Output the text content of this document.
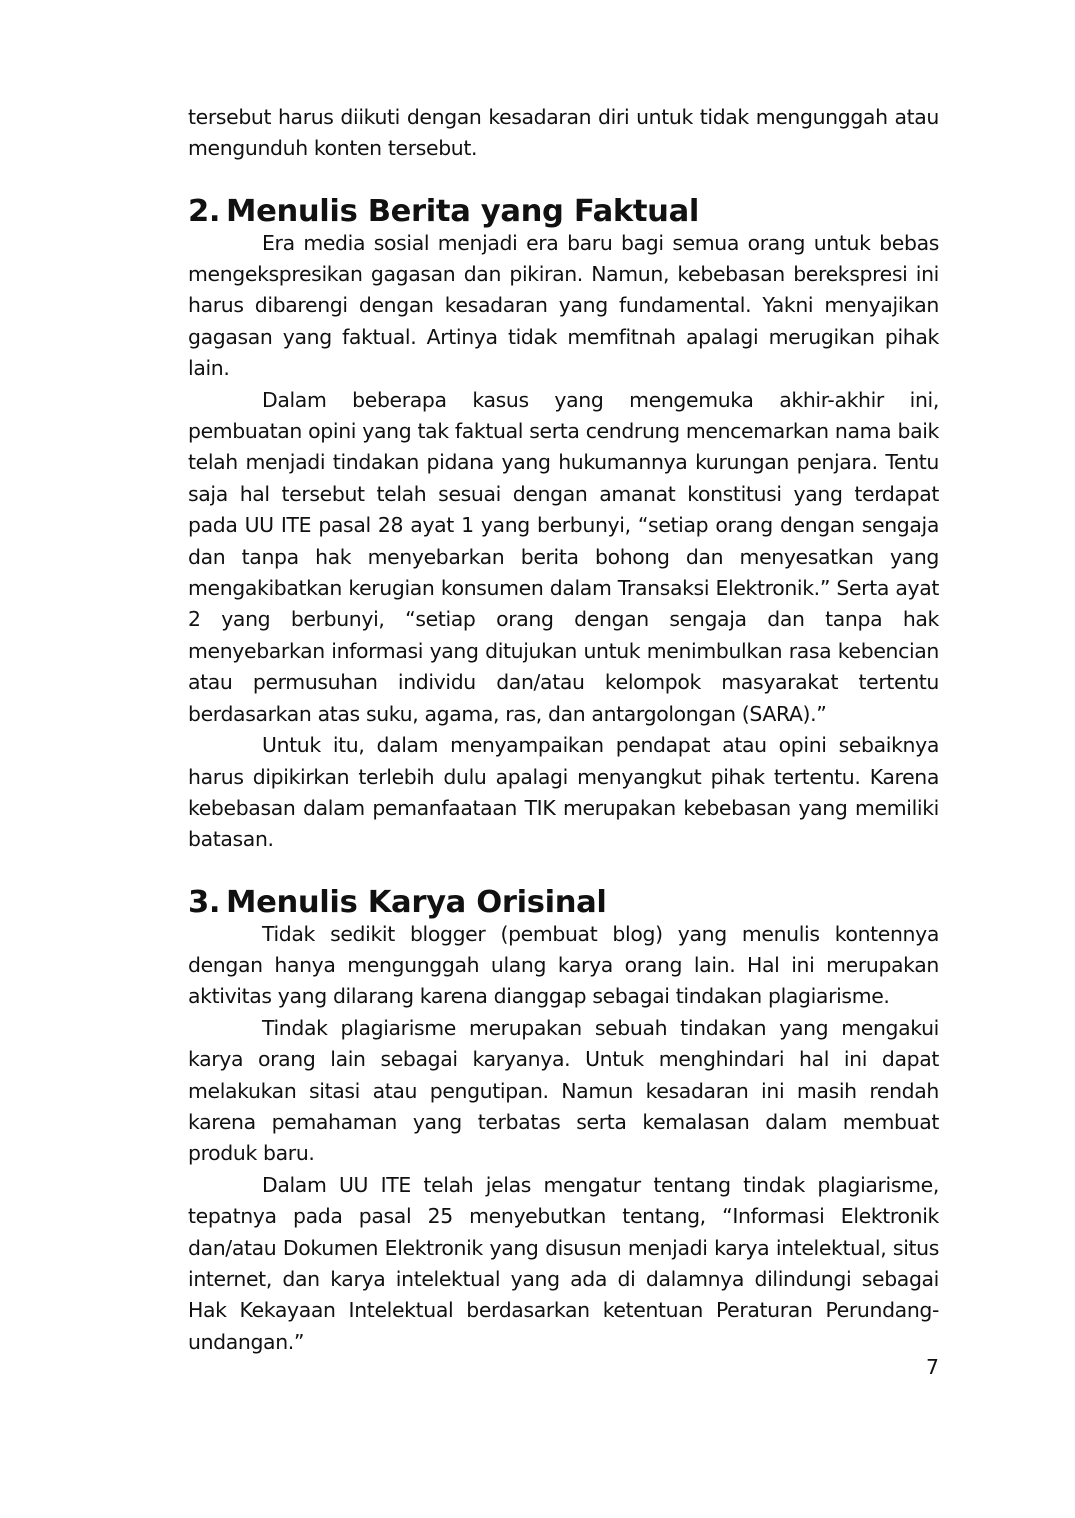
tersebut harus diikuti dengan kesadaran diri untuk tidak mengunggah atau mengunduh konten tersebut.

2. Menulis Berita yang Faktual

Era media sosial menjadi era baru bagi semua orang untuk bebas mengekspresikan gagasan dan pikiran. Namun, kebebasan berekspresi ini harus dibarengi dengan kesadaran yang fundamental. Yakni menyajikan gagasan yang faktual. Artinya tidak memfitnah apalagi merugikan pihak lain.

Dalam beberapa kasus yang mengemuka akhir-akhir ini, pembuatan opini yang tak faktual serta cendrung mencemarkan nama baik telah menjadi tindakan pidana yang hukumannya kurungan penjara. Tentu saja hal tersebut telah sesuai dengan amanat konstitusi yang terdapat pada UU ITE pasal 28 ayat 1 yang berbunyi, “setiap orang dengan sengaja dan tanpa hak menyebarkan berita bohong dan menyesatkan yang mengakibatkan kerugian konsumen dalam Transaksi Elektronik.” Serta ayat 2 yang berbunyi, “setiap orang dengan sengaja dan tanpa hak menyebarkan informasi yang ditujukan untuk menimbulkan rasa kebencian atau permusuhan individu dan/atau kelompok masyarakat tertentu berdasarkan atas suku, agama, ras, dan antargolongan (SARA).”

Untuk itu, dalam menyampaikan pendapat atau opini sebaiknya harus dipikirkan terlebih dulu apalagi menyangkut pihak tertentu. Karena kebebasan dalam pemanfaataan TIK merupakan kebebasan yang memiliki batasan.

3. Menulis Karya Orisinal

Tidak sedikit blogger (pembuat blog) yang menulis kontennya dengan hanya mengunggah ulang karya orang lain. Hal ini merupakan aktivitas yang dilarang karena dianggap sebagai tindakan plagiarisme.

Tindak plagiarisme merupakan sebuah tindakan yang mengakui karya orang lain sebagai karyanya. Untuk menghindari hal ini dapat melakukan sitasi atau pengutipan. Namun kesadaran ini masih rendah karena pemahaman yang terbatas serta kemalasan dalam membuat produk baru.

Dalam UU ITE telah jelas mengatur tentang tindak plagiarisme, tepatnya pada pasal 25 menyebutkan tentang, “Informasi Elektronik dan/atau Dokumen Elektronik yang disusun menjadi karya intelektual, situs internet, dan karya intelektual yang ada di dalamnya dilindungi sebagai Hak Kekayaan Intelektual berdasarkan ketentuan Peraturan Perundang-undangan.”

7
